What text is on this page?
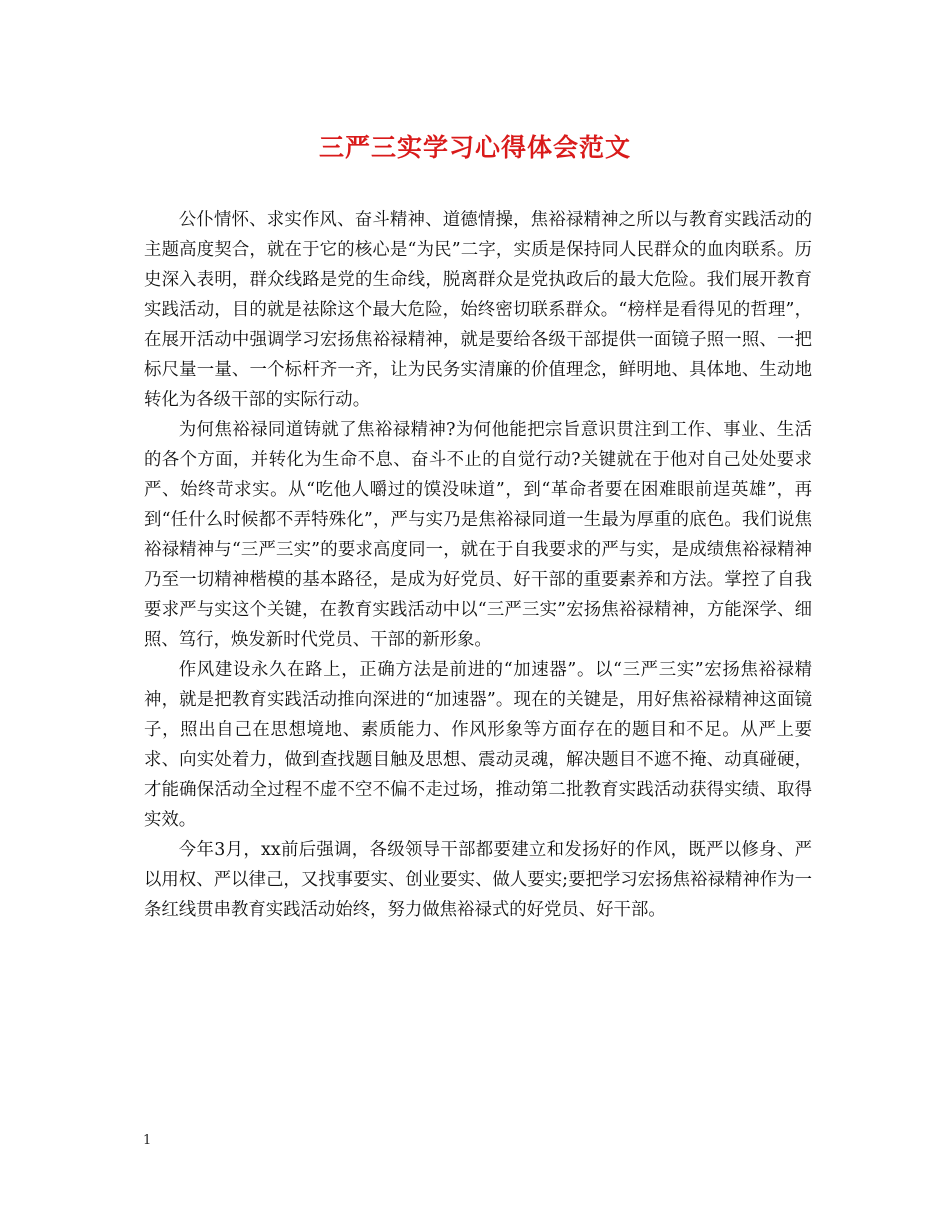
三严三实学习心得体会范文

公仆情怀、求实作风、奋斗精神、道德情操，焦裕禄精神之所以与教育实践活动的主题高度契合，就在于它的核心是“为民”二字，实质是保持同人民群众的血肉联系。历史深入表明，群众线路是党的生命线，脱离群众是党执政后的最大危险。我们展开教育实践活动，目的就是祛除这个最大危险，始终密切联系群众。“榜样是看得见的哲理”，在展开活动中强调学习宏扬焦裕禄精神，就是要给各级干部提供一面镜子照一照、一把标尺量一量、一个标杆齐一齐，让为民务实清廉的价值理念，鲜明地、具体地、生动地转化为各级干部的实际行动。

为何焦裕禄同道铸就了焦裕禄精神?为何他能把宗旨意识贯注到工作、事业、生活的各个方面，并转化为生命不息、奋斗不止的自觉行动?关键就在于他对自己处处要求严、始终苛求实。从“吃他人嚼过的馍没味道”，到“革命者要在困难眼前逞英雄”，再到“任什么时候都不弄特殊化”，严与实乃是焦裕禄同道一生最为厚重的底色。我们说焦裕禄精神与“三严三实”的要求高度同一，就在于自我要求的严与实，是成绩焦裕禄精神乃至一切精神楷模的基本路径，是成为好党员、好干部的重要素养和方法。掌控了自我要求严与实这个关键，在教育实践活动中以“三严三实”宏扬焦裕禄精神，方能深学、细照、笃行，焕发新时代党员、干部的新形象。

作风建设永久在路上，正确方法是前进的“加速器”。以“三严三实”宏扬焦裕禄精神，就是把教育实践活动推向深进的“加速器”。现在的关键是，用好焦裕禄精神这面镜子，照出自己在思想境地、素质能力、作风形象等方面存在的题目和不足。从严上要求、向实处着力，做到查找题目触及思想、震动灵魂，解决题目不遮不掩、动真碰硬，才能确保活动全过程不虚不空不偏不走过场，推动第二批教育实践活动获得实绩、取得实效。

今年3月，xx前后强调，各级领导干部都要建立和发扬好的作风，既严以修身、严以用权、严以律己，又找事要实、创业要实、做人要实;要把学习宏扬焦裕禄精神作为一条红线贯串教育实践活动始终，努力做焦裕禄式的好党员、好干部。

1
